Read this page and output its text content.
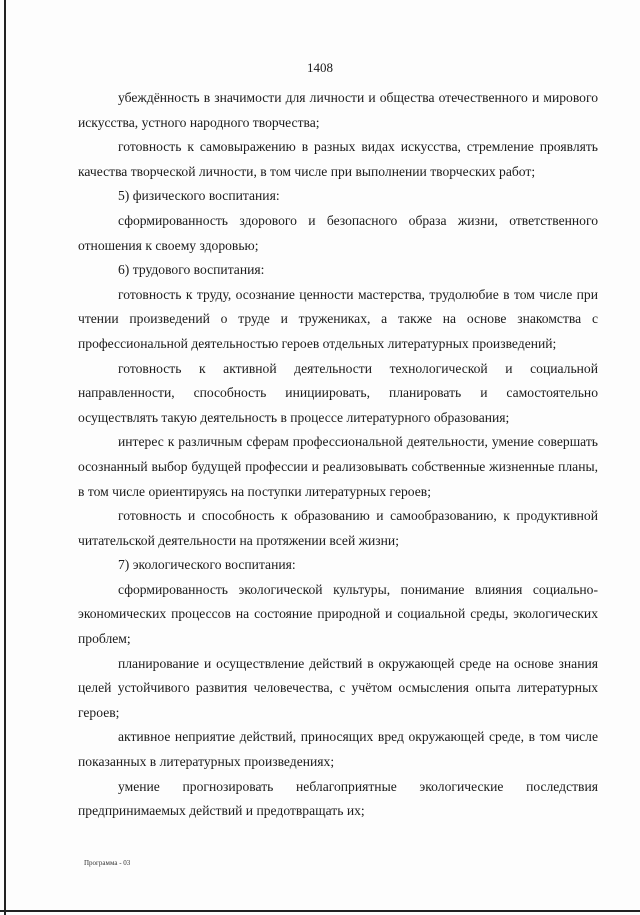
1408

убеждённость в значимости для личности и общества отечественного и мирового искусства, устного народного творчества;

готовность к самовыражению в разных видах искусства, стремление проявлять качества творческой личности, в том числе при выполнении творческих работ;

5) физического воспитания:

сформированность здорового и безопасного образа жизни, ответственного отношения к своему здоровью;

6) трудового воспитания:

готовность к труду, осознание ценности мастерства, трудолюбие в том числе при чтении произведений о труде и тружениках, а также на основе знакомства с профессиональной деятельностью героев отдельных литературных произведений;

готовность к активной деятельности технологической и социальной направленности, способность инициировать, планировать и самостоятельно осуществлять такую деятельность в процессе литературного образования;

интерес к различным сферам профессиональной деятельности, умение совершать осознанный выбор будущей профессии и реализовывать собственные жизненные планы, в том числе ориентируясь на поступки литературных героев;

готовность и способность к образованию и самообразованию, к продуктивной читательской деятельности на протяжении всей жизни;

7) экологического воспитания:

сформированность экологической культуры, понимание влияния социально-экономических процессов на состояние природной и социальной среды, экологических проблем;

планирование и осуществление действий в окружающей среде на основе знания целей устойчивого развития человечества, с учётом осмысления опыта литературных героев;

активное неприятие действий, приносящих вред окружающей среде, в том числе показанных в литературных произведениях;

умение прогнозировать неблагоприятные экологические последствия предпринимаемых действий и предотвращать их;

Программа - 03
